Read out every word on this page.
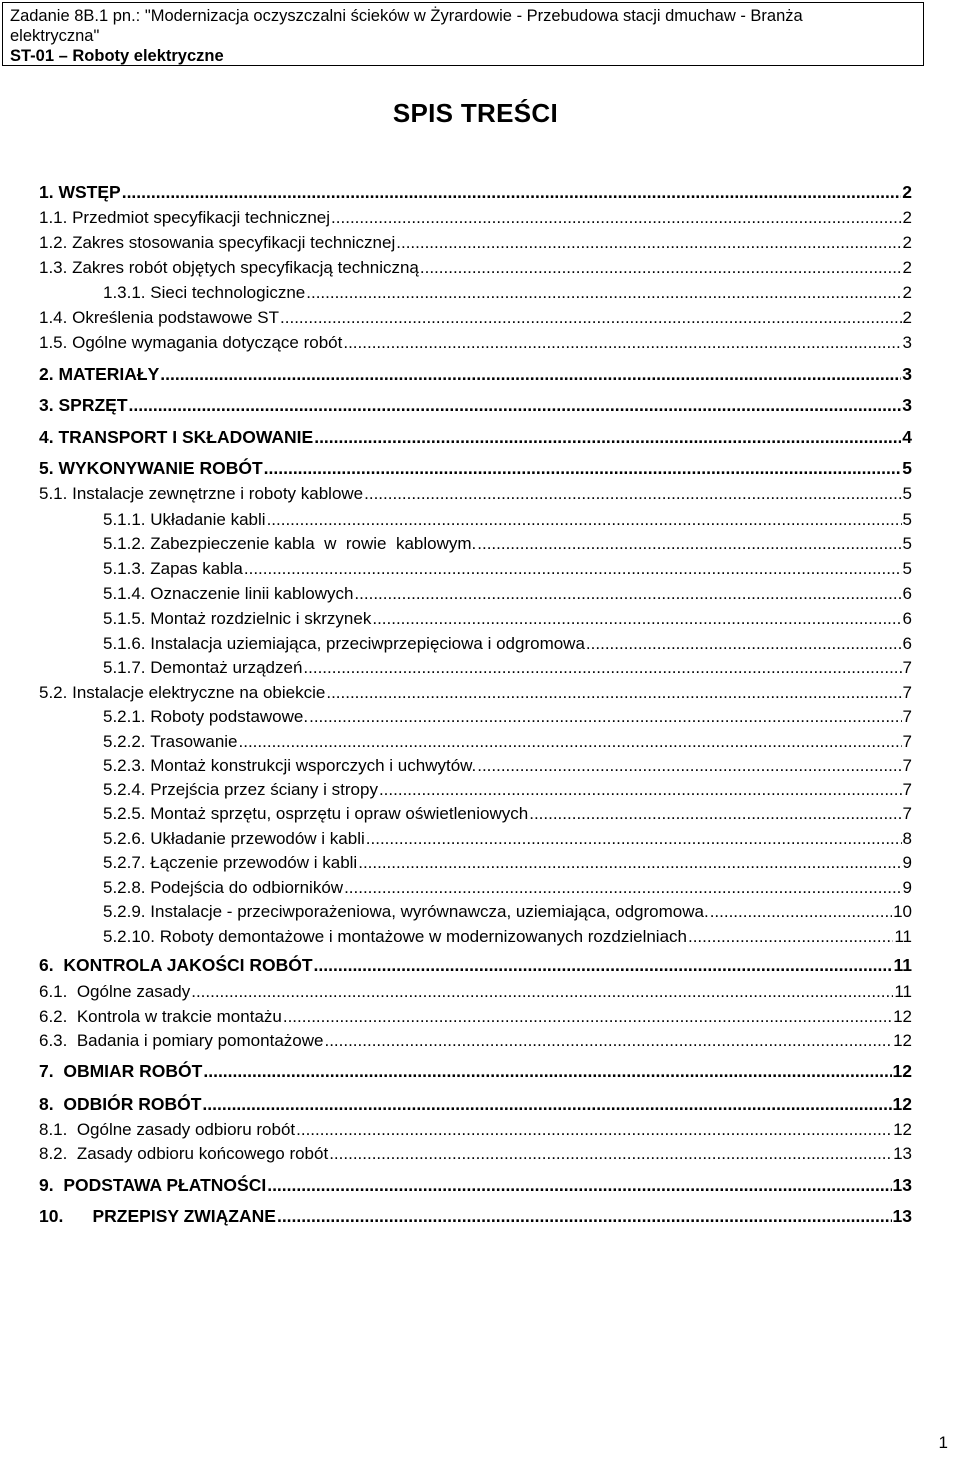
Zadanie 8B.1 pn.: "Modernizacja oczyszczalni ścieków w Żyrardowie - Przebudowa stacji dmuchaw - Branża
elektryczna"
ST-01 – Roboty elektryczne
SPIS TREŚCI
1. WSTĘP .....	2
1.1. Przedmiot specyfikacji technicznej .....	2
1.2. Zakres stosowania specyfikacji technicznej .....	2
1.3. Zakres robót objętych specyfikacją techniczną .....	2
1.3.1. Sieci technologiczne .....	2
1.4. Określenia podstawowe ST .....	2
1.5. Ogólne wymagania dotyczące robót .....	3
2. MATERIAŁY .....	3
3. SPRZĘT .....	3
4. TRANSPORT I SKŁADOWANIE .....	4
5. WYKONYWANIE ROBÓT .....	5
5.1. Instalacje zewnętrzne i roboty kablowe .....	5
5.1.1. Układanie kabli .....	5
5.1.2. Zabezpieczenie kabla  w  rowie  kablowym. .....	5
5.1.3. Zapas kabla .....	5
5.1.4. Oznaczenie linii kablowych .....	6
5.1.5. Montaż rozdzielnic i skrzynek .....	6
5.1.6. Instalacja uziemiająca, przeciwprzepięciowa i odgromowa .....	6
5.1.7. Demontaż urządzeń .....	7
5.2. Instalacje elektryczne na obiekcie .....	7
5.2.1. Roboty podstawowe. .....	7
5.2.2. Trasowanie .....	7
5.2.3. Montaż konstrukcji wsporczych i uchwytów. .....	7
5.2.4. Przejścia przez ściany i stropy .....	7
5.2.5. Montaż sprzętu, osprzętu i opraw oświetleniowych .....	7
5.2.6. Układanie przewodów i kabli .....	8
5.2.7. Łączenie przewodów i kabli .....	9
5.2.8. Podejścia do odbiorników .....	9
5.2.9. Instalacje - przeciwporażeniowa, wyrównawcza, uziemiająca, odgromowa. .....	10
5.2.10. Roboty demontażowe i montażowe w modernizowanych rozdzielniach .....	11
6. KONTROLA JAKOŚCI ROBÓT .....	11
6.1. Ogólne zasady .....	11
6.2. Kontrola w trakcie montażu .....	12
6.3. Badania i pomiary pomontażowe .....	12
7. OBMIAR ROBÓT .....	12
8. ODBIÓR ROBÓT .....	12
8.1. Ogólne zasady odbioru robót .....	12
8.2. Zasady odbioru końcowego robót .....	13
9. PODSTAWA PŁATNOŚCI .....	13
10. PRZEPISY ZWIĄZANE .....	13
1
